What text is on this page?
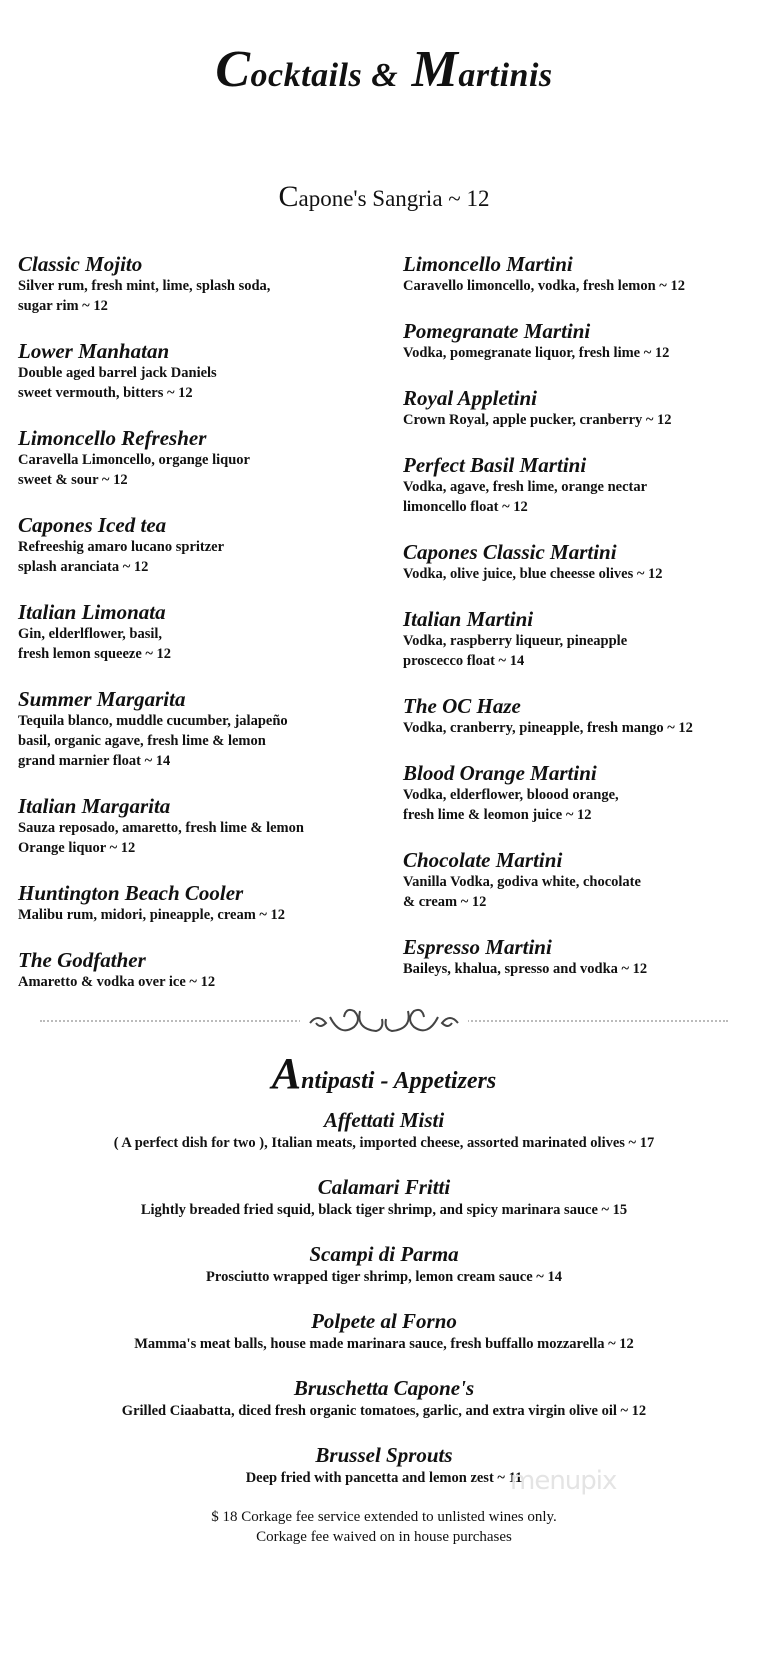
Cocktails & Martinis
Capone's Sangria ~ 12
Classic Mojito
Silver rum, fresh mint, lime, splash soda,
sugar rim ~ 12
Lower Manhatan
Double aged barrel jack Daniels
sweet vermouth, bitters ~ 12
Limoncello Refresher
Caravella Limoncello, organge liquor
sweet & sour ~ 12
Capones Iced tea
Refreeshig amaro lucano spritzer
splash aranciata ~ 12
Italian Limonata
Gin, elderlflower, basil,
fresh lemon squeeze ~ 12
Summer Margarita
Tequila blanco, muddle cucumber, jalapeño
basil, organic agave, fresh lime & lemon
grand marnier float ~ 14
Italian Margarita
Sauza reposado, amaretto, fresh lime & lemon
Orange liquor ~ 12
Huntington Beach Cooler
Malibu rum, midori, pineapple, cream ~ 12
The Godfather
Amaretto & vodka over ice ~ 12
Limoncello Martini
Caravello limoncello, vodka, fresh lemon ~ 12
Pomegranate Martini
Vodka, pomegranate liquor, fresh lime ~ 12
Royal Appletini
Crown Royal, apple pucker, cranberry ~ 12
Perfect Basil Martini
Vodka, agave, fresh lime, orange nectar
limoncello float ~ 12
Capones Classic Martini
Vodka, olive juice, blue cheesse olives ~ 12
Italian Martini
Vodka, raspberry liqueur, pineapple
proscecco float ~ 14
The OC Haze
Vodka, cranberry, pineapple, fresh mango ~ 12
Blood Orange Martini
Vodka, elderflower, bloood orange,
fresh lime & leomon juice ~ 12
Chocolate Martini
Vanilla Vodka, godiva white, chocolate
& cream ~ 12
Espresso Martini
Baileys, khalua, spresso and vodka ~ 12
Antipasti - Appetizers
Affettati Misti
( A perfect dish for two ), Italian meats, imported cheese, assorted marinated olives ~ 17
Calamari Fritti
Lightly breaded fried squid, black tiger shrimp, and spicy marinara sauce ~ 15
Scampi di Parma
Prosciutto wrapped tiger shrimp, lemon cream sauce ~ 14
Polpete al Forno
Mamma's meat balls, house made marinara sauce, fresh buffallo mozzarella ~ 12
Bruschetta Capone's
Grilled Ciaabatta, diced fresh organic tomatoes, garlic, and extra virgin olive oil ~ 12
Brussel Sprouts
Deep fried with pancetta and lemon zest ~ 11
$ 18 Corkage fee service extended to unlisted wines only.
Corkage fee waived on in house purchases
menupix
